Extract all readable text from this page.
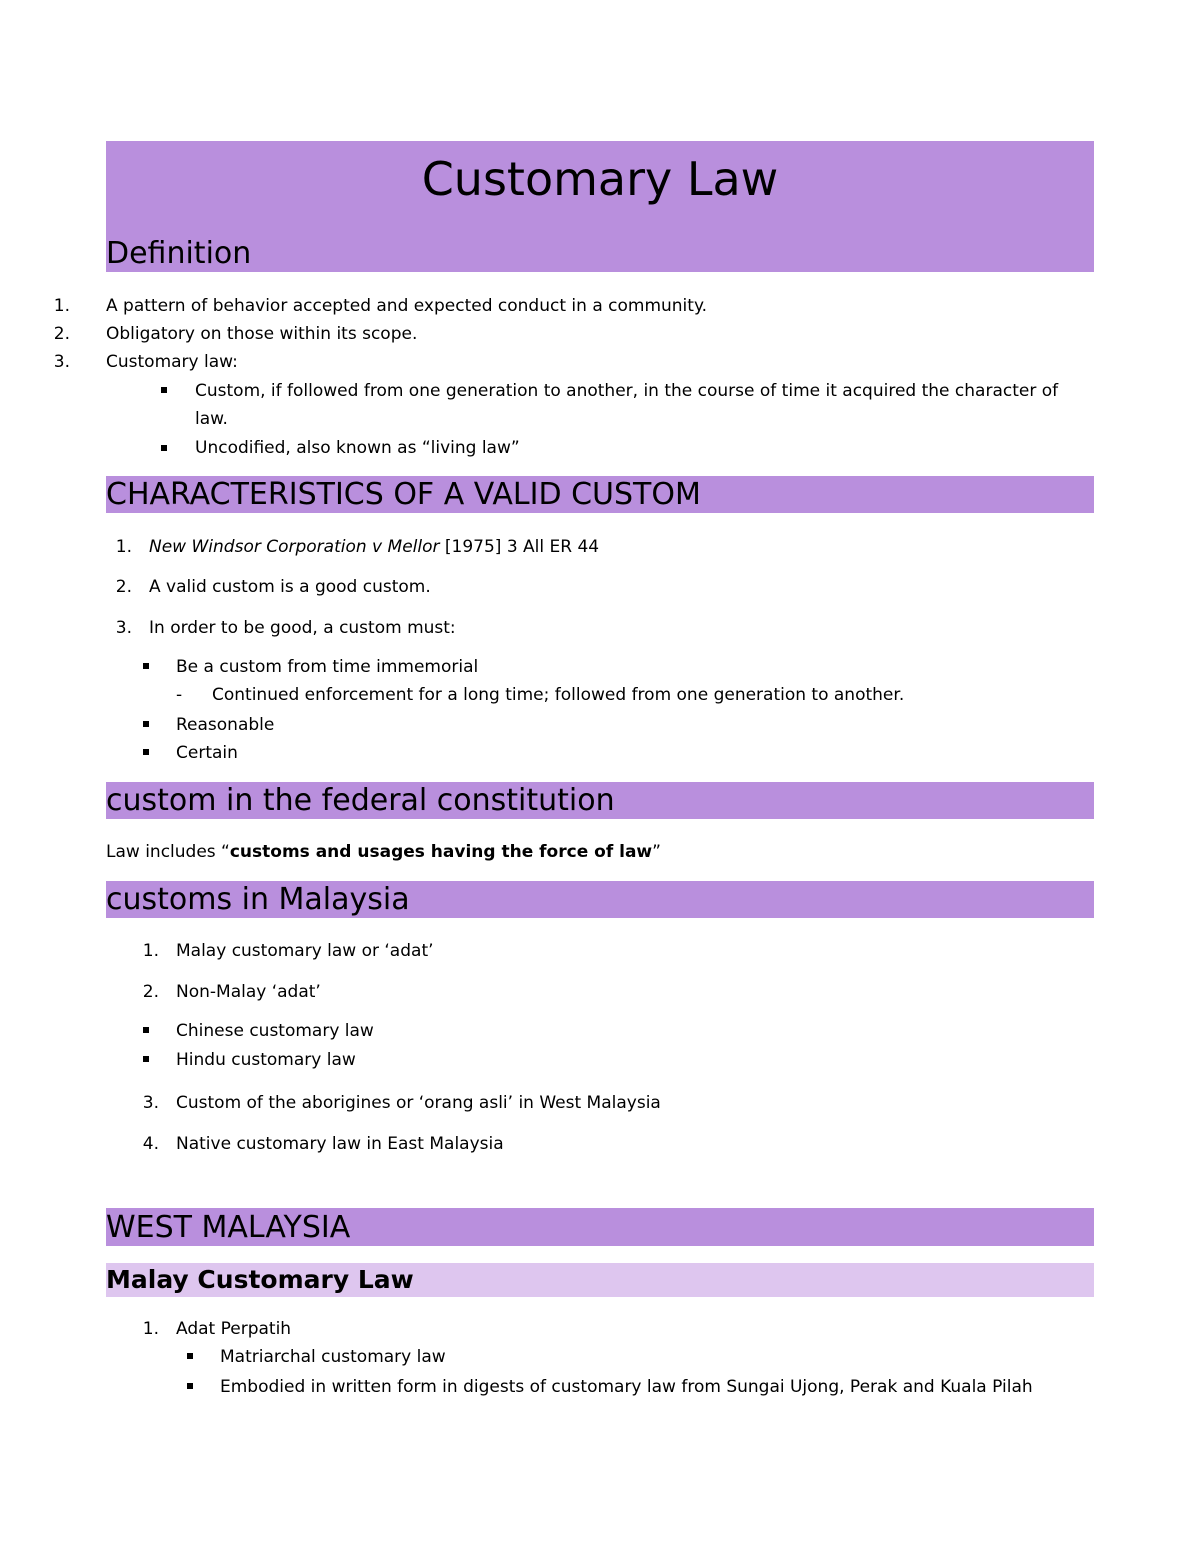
Customary Law
Definition
1. A pattern of behavior accepted and expected conduct in a community.
2. Obligatory on those within its scope.
3. Customary law:
Custom, if followed from one generation to another, in the course of time it acquired the character of
law.
Uncodified, also known as “living law”
CHARACTERISTICS OF A VALID CUSTOM
1. New Windsor Corporation v Mellor [1975] 3 All ER 44
2. A valid custom is a good custom.
3. In order to be good, a custom must:
Be a custom from time immemorial
- Continued enforcement for a long time; followed from one generation to another.
Reasonable
Certain
custom in the federal constitution
Law includes “customs and usages having the force of law”
customs in Malaysia
1. Malay customary law or ‘adat’
2. Non-Malay ‘adat’
Chinese customary law
Hindu customary law
3. Custom of the aborigines or ‘orang asli’ in West Malaysia
4. Native customary law in East Malaysia
WEST MALAYSIA
Malay Customary Law
1. Adat Perpatih
Matriarchal customary law
Embodied in written form in digests of customary law from Sungai Ujong, Perak and Kuala Pilah
